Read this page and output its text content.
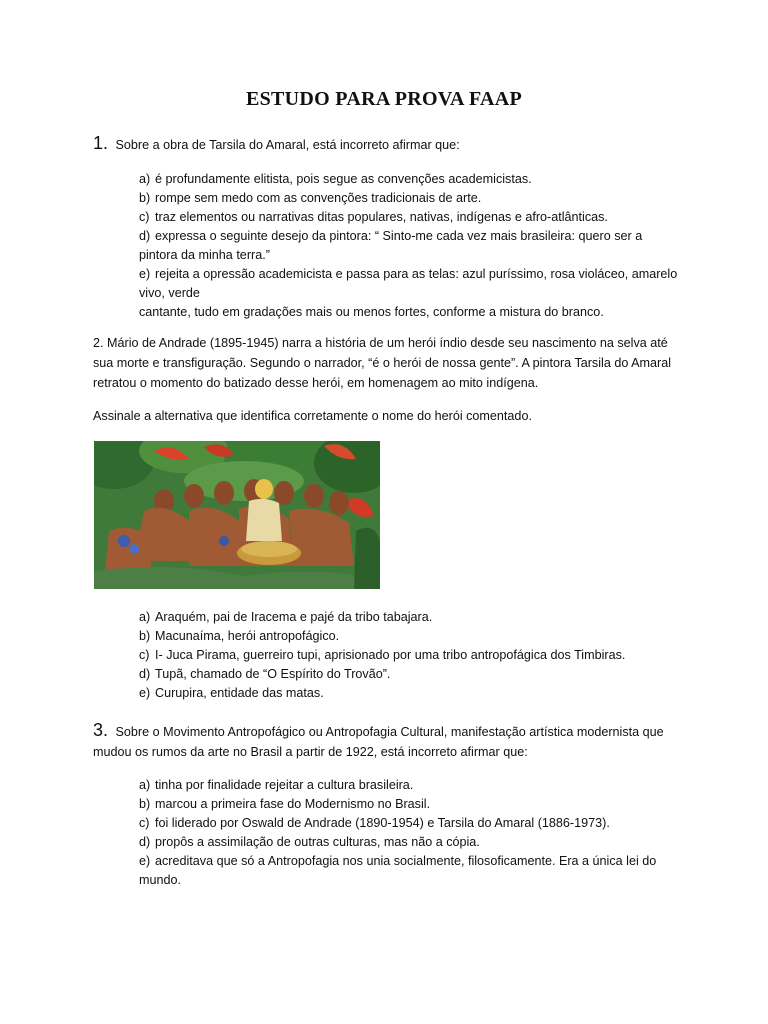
ESTUDO PARA PROVA FAAP
1. Sobre a obra de Tarsila do Amaral, está incorreto afirmar que:
a) é profundamente elitista, pois segue as convenções academicistas.
b) rompe sem medo com as convenções tradicionais de arte.
c) traz elementos ou narrativas ditas populares, nativas, indígenas e afro-atlânticas.
d) expressa o seguinte desejo da pintora: “ Sinto-me cada vez mais brasileira: quero ser a pintora da minha terra.”
e) rejeita a opressão academicista e passa para as telas: azul puríssimo, rosa violáceo, amarelo vivo, verde
cantante, tudo em gradações mais ou menos fortes, conforme a mistura do branco.
2. Mário de Andrade (1895-1945) narra a história de um herói índio desde seu nascimento na selva até sua morte e transfiguração. Segundo o narrador, “é o herói de nossa gente”. A pintora Tarsila do Amaral retratou o momento do batizado desse herói, em homenagem ao mito indígena.
Assinale a alternativa que identifica corretamente o nome do herói comentado.
a) Araquém, pai de Iracema e pajé da tribo tabajara.
b) Macunaíma, herói antropofágico.
c) I- Juca Pirama, guerreiro tupi, aprisionado por uma tribo antropofágica dos Timbiras.
d) Tupã, chamado de “O Espírito do Trovão”.
e) Curupira, entidade das matas.
3. Sobre o Movimento Antropofágico ou Antropofagia Cultural, manifestação artística modernista que mudou os rumos da arte no Brasil a partir de 1922, está incorreto afirmar que:
a) tinha por finalidade rejeitar a cultura brasileira.
b) marcou a primeira fase do Modernismo no Brasil.
c) foi liderado por Oswald de Andrade (1890-1954) e Tarsila do Amaral (1886-1973).
d) propôs a assimilação de outras culturas, mas não a cópia.
e) acreditava que só a Antropofagia nos unia socialmente, filosoficamente. Era a única lei do mundo.
